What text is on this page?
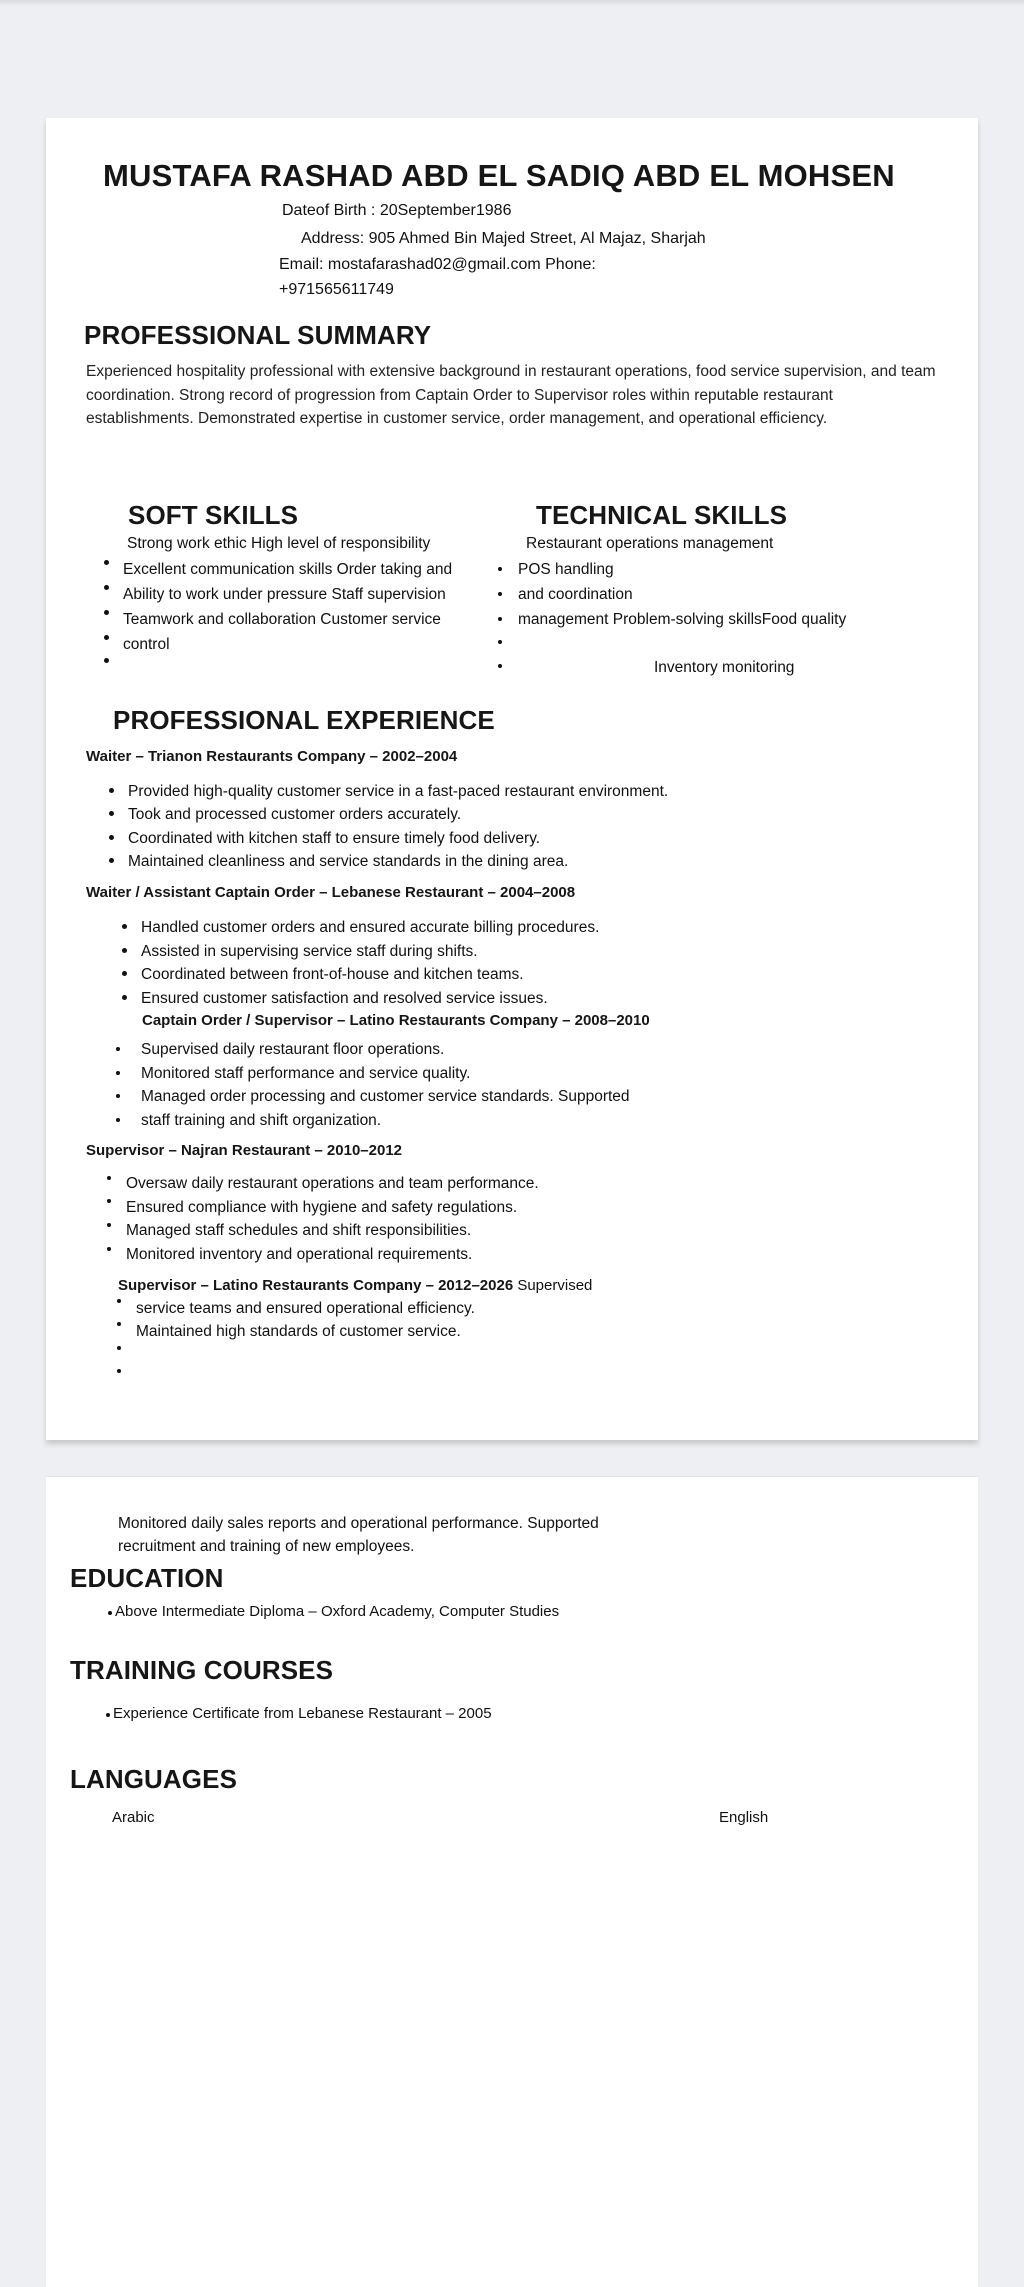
MUSTAFA RASHAD ABD EL SADIQ ABD EL MOHSEN
Dateof Birth : 20September1986
Address: 905 Ahmed Bin Majed Street, Al Majaz, Sharjah
Email: mostafarashad02@gmail.com Phone:
+971565611749
PROFESSIONAL SUMMARY
Experienced hospitality professional with extensive background in restaurant operations, food service supervision, and team coordination. Strong record of progression from Captain Order to Supervisor roles within reputable restaurant establishments. Demonstrated expertise in customer service, order management, and operational efficiency.
SOFT SKILLS
Strong work ethic High level of responsibility
Excellent communication skills Order taking and
Ability to work under pressure Staff supervision
Teamwork and collaboration Customer service
control
TECHNICAL SKILLS
Restaurant operations management
POS handling
and coordination
management Problem-solving skillsFood quality
Inventory monitoring
PROFESSIONAL EXPERIENCE
Waiter – Trianon Restaurants Company – 2002–2004
Provided high-quality customer service in a fast-paced restaurant environment.
Took and processed customer orders accurately.
Coordinated with kitchen staff to ensure timely food delivery.
Maintained cleanliness and service standards in the dining area.
Waiter / Assistant Captain Order – Lebanese Restaurant – 2004–2008
Handled customer orders and ensured accurate billing procedures.
Assisted in supervising service staff during shifts.
Coordinated between front-of-house and kitchen teams.
Ensured customer satisfaction and resolved service issues.
Captain Order / Supervisor – Latino Restaurants Company – 2008–2010
Supervised daily restaurant floor operations.
Monitored staff performance and service quality.
Managed order processing and customer service standards. Supported
staff training and shift organization.
Supervisor – Najran Restaurant – 2010–2012
Oversaw daily restaurant operations and team performance.
Ensured compliance with hygiene and safety regulations.
Managed staff schedules and shift responsibilities.
Monitored inventory and operational requirements.
Supervisor – Latino Restaurants Company – 2012–2026 Supervised
service teams and ensured operational efficiency.
Maintained high standards of customer service.
Monitored daily sales reports and operational performance. Supported
recruitment and training of new employees.
EDUCATION
Above Intermediate Diploma – Oxford Academy, Computer Studies
TRAINING COURSES
Experience Certificate from Lebanese Restaurant – 2005
LANGUAGES
Arabic	English
